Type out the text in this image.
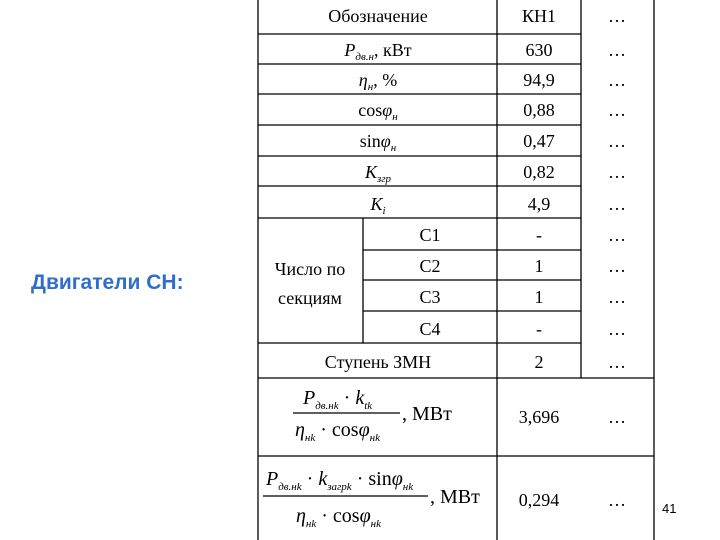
Двигатели СН:
41
Обозначение	КН1	…
$P_{дв.н}$, кВт	630	…
$\eta_н$, %	94,9	…
cosφ$_н$	0,88	…
sinφ$_н$	0,47	…
$K_{згр}$	0,82	…
$K_i$	4,9	…
Число по
секциям
С1	-	…
С2	1	…
С3	1	…
С4	-	…
Ступень ЗМН	2	…
$P_{дв.нk} \cdot k_{tk}$
$\eta_{нk} \cdot \cos\varphi_{нk}$
, МВт	3,696	…
$P_{дв.нk} \cdot k_{загрk} \cdot \sin\varphi_{нk}$
$\eta_{нk} \cdot \cos\varphi_{нk}$
, МВт 0,294	…
